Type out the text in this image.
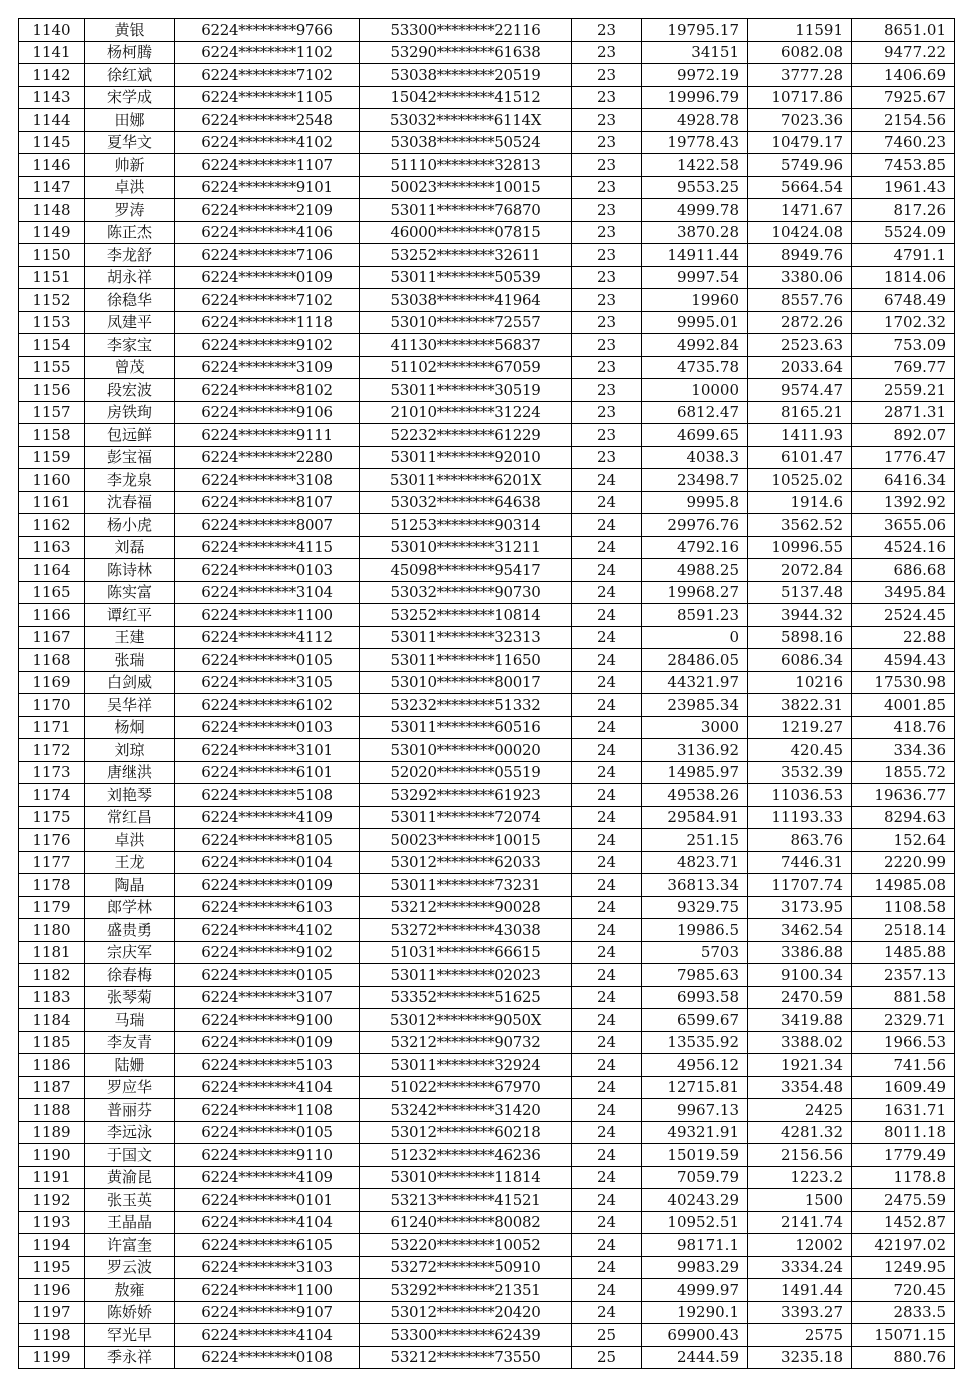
1140	黄银	6224********9766	53300********22116	23	19795.17	11591	8651.01
1141	杨柯腾	6224********1102	53290********61638	23	34151	6082.08	9477.22
1142	徐红斌	6224********7102	53038********20519	23	9972.19	3777.28	1406.69
1143	宋学成	6224********1105	15042********41512	23	19996.79	10717.86	7925.67
1144	田娜	6224********2548	53032********6114X	23	4928.78	7023.36	2154.56
1145	夏华文	6224********4102	53038********50524	23	19778.43	10479.17	7460.23
1146	帅新	6224********1107	51110********32813	23	1422.58	5749.96	7453.85
1147	卓洪	6224********9101	50023********10015	23	9553.25	5664.54	1961.43
1148	罗涛	6224********2109	53011********76870	23	4999.78	1471.67	817.26
1149	陈正杰	6224********4106	46000********07815	23	3870.28	10424.08	5524.09
1150	李龙舒	6224********7106	53252********32611	23	14911.44	8949.76	4791.1
1151	胡永祥	6224********0109	53011********50539	23	9997.54	3380.06	1814.06
1152	徐稳华	6224********7102	53038********41964	23	19960	8557.76	6748.49
1153	凤建平	6224********1118	53010********72557	23	9995.01	2872.26	1702.32
1154	李家宝	6224********9102	41130********56837	23	4992.84	2523.63	753.09
1155	曾茂	6224********3109	51102********67059	23	4735.78	2033.64	769.77
1156	段宏波	6224********8102	53011********30519	23	10000	9574.47	2559.21
1157	房铁珣	6224********9106	21010********31224	23	6812.47	8165.21	2871.31
1158	包远鲜	6224********9111	52232********61229	23	4699.65	1411.93	892.07
1159	彭宝福	6224********2280	53011********92010	23	4038.3	6101.47	1776.47
1160	李龙泉	6224********3108	53011********6201X	24	23498.7	10525.02	6416.34
1161	沈春福	6224********8107	53032********64638	24	9995.8	1914.6	1392.92
1162	杨小虎	6224********8007	51253********90314	24	29976.76	3562.52	3655.06
1163	刘磊	6224********4115	53010********31211	24	4792.16	10996.55	4524.16
1164	陈诗林	6224********0103	45098********95417	24	4988.25	2072.84	686.68
1165	陈实富	6224********3104	53032********90730	24	19968.27	5137.48	3495.84
1166	谭红平	6224********1100	53252********10814	24	8591.23	3944.32	2524.45
1167	王建	6224********4112	53011********32313	24	0	5898.16	22.88
1168	张瑞	6224********0105	53011********11650	24	28486.05	6086.34	4594.43
1169	白剑威	6224********3105	53010********80017	24	44321.97	10216	17530.98
1170	吴华祥	6224********6102	53232********51332	24	23985.34	3822.31	4001.85
1171	杨炯	6224********0103	53011********60516	24	3000	1219.27	418.76
1172	刘琼	6224********3101	53010********00020	24	3136.92	420.45	334.36
1173	唐继洪	6224********6101	52020********05519	24	14985.97	3532.39	1855.72
1174	刘艳琴	6224********5108	53292********61923	24	49538.26	11036.53	19636.77
1175	常红昌	6224********4109	53011********72074	24	29584.91	11193.33	8294.63
1176	卓洪	6224********8105	50023********10015	24	251.15	863.76	152.64
1177	王龙	6224********0104	53012********62033	24	4823.71	7446.31	2220.99
1178	陶晶	6224********0109	53011********73231	24	36813.34	11707.74	14985.08
1179	郎学林	6224********6103	53212********90028	24	9329.75	3173.95	1108.58
1180	盛贵勇	6224********4102	53272********43038	24	19986.5	3462.54	2518.14
1181	宗庆军	6224********9102	51031********66615	24	5703	3386.88	1485.88
1182	徐春梅	6224********0105	53011********02023	24	7985.63	9100.34	2357.13
1183	张琴菊	6224********3107	53352********51625	24	6993.58	2470.59	881.58
1184	马瑞	6224********9100	53012********9050X	24	6599.67	3419.88	2329.71
1185	李友青	6224********0109	53212********90732	24	13535.92	3388.02	1966.53
1186	陆姗	6224********5103	53011********32924	24	4956.12	1921.34	741.56
1187	罗应华	6224********4104	51022********67970	24	12715.81	3354.48	1609.49
1188	普丽芬	6224********1108	53242********31420	24	9967.13	2425	1631.71
1189	李远泳	6224********0105	53012********60218	24	49321.91	4281.32	8011.18
1190	于国文	6224********9110	51232********46236	24	15019.59	2156.56	1779.49
1191	黄渝昆	6224********4109	53010********11814	24	7059.79	1223.2	1178.8
1192	张玉英	6224********0101	53213********41521	24	40243.29	1500	2475.59
1193	王晶晶	6224********4104	61240********80082	24	10952.51	2141.74	1452.87
1194	许富奎	6224********6105	53220********10052	24	98171.1	12002	42197.02
1195	罗云波	6224********3103	53272********50910	24	9983.29	3334.24	1249.95
1196	敖雍	6224********1100	53292********21351	24	4999.97	1491.44	720.45
1197	陈娇娇	6224********9107	53012********20420	24	19290.1	3393.27	2833.5
1198	罕光早	6224********4104	53300********62439	25	69900.43	2575	15071.15
1199	季永祥	6224********0108	53212********73550	25	2444.59	3235.18	880.76
